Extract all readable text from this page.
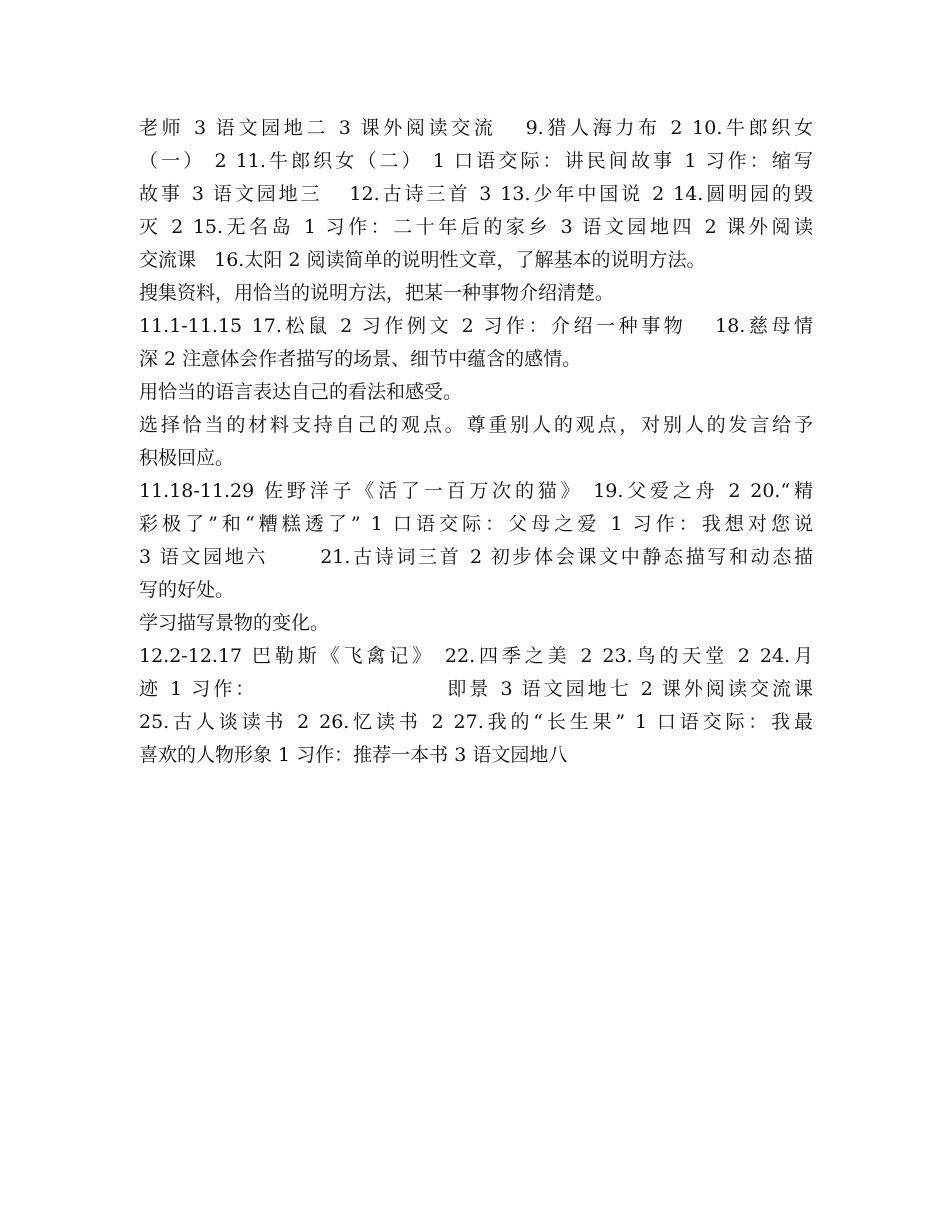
老师 3 语文园地二 3 课外阅读交流   9.猎人海力布 2 10.牛郎织女
（一） 2 11.牛郎织女（二） 1 口语交际：讲民间故事 1 习作：缩写
故事 3 语文园地三   12.古诗三首 3 13.少年中国说 2 14.圆明园的毁
灭 2 15.无名岛 1 习作：二十年后的家乡 3 语文园地四 2 课外阅读
交流课   16.太阳 2 阅读简单的说明性文章，了解基本的说明方法。
搜集资料，用恰当的说明方法，把某一种事物介绍清楚。
11.1-11.15 17.松鼠 2 习作例文 2 习作：介绍一种事物   18.慈母情
深 2 注意体会作者描写的场景、细节中蕴含的感情。
用恰当的语言表达自己的看法和感受。
选择恰当的材料支持自己的观点。尊重别人的观点，对别人的发言给予
积极回应。
11.18-11.29 佐野洋子《活了一百万次的猫》 19.父爱之舟 2 20.“精
彩极了”和“糟糕透了” 1 口语交际：父母之爱 1 习作：我想对您说
3 语文园地六      21.古诗词三首 2 初步体会课文中静态描写和动态描
写的好处。
学习描写景物的变化。
12.2-12.17 巴勒斯《飞禽记》 22.四季之美 2 23.鸟的天堂 2 24.月
迹 1 习作：                     即景 3 语文园地七 2 课外阅读交流课
25.古人谈读书 2 26.忆读书 2 27.我的“长生果” 1 口语交际：我最
喜欢的人物形象 1 习作：推荐一本书 3 语文园地八
